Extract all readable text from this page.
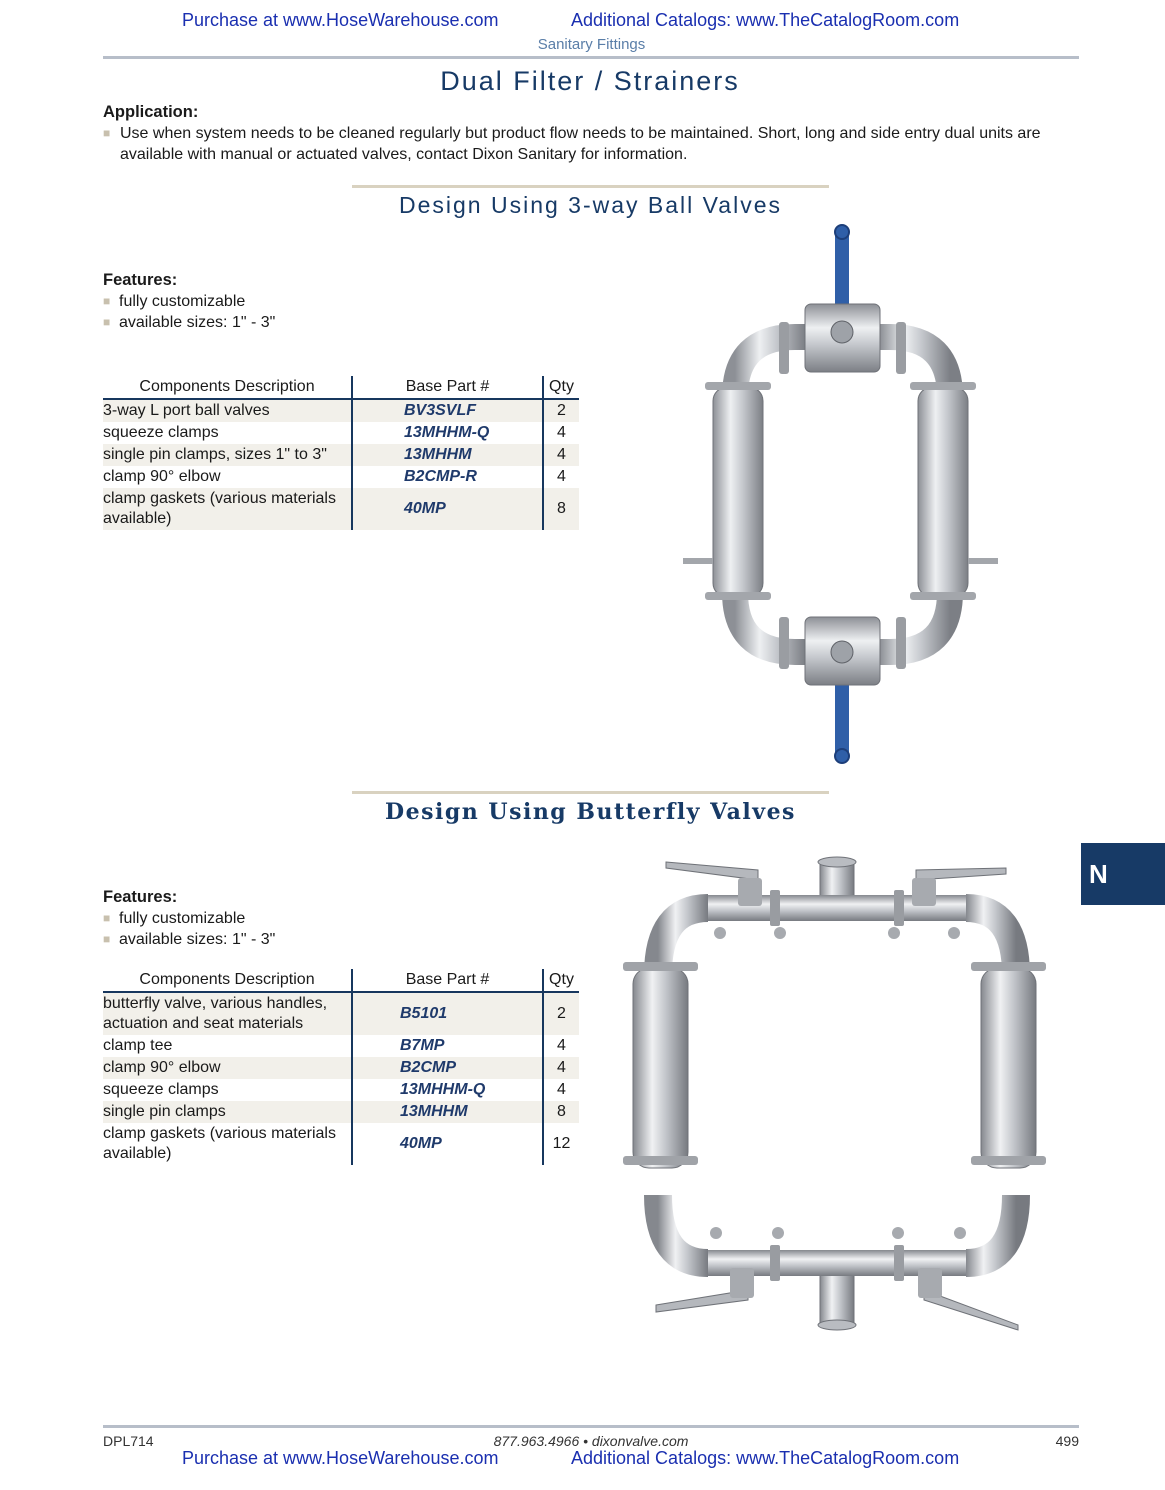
Purchase at www.HoseWarehouse.com	Additional Catalogs: www.TheCatalogRoom.com
Sanitary Fittings
Dual Filter / Strainers
Application:
■ Use when system needs to be cleaned regularly but product flow needs to be maintained. Short, long and side entry dual units are available with manual or actuated valves, contact Dixon Sanitary for information.
Design Using 3-way Ball Valves
Features:
■ fully customizable
■ available sizes: 1" - 3"
Components Description	Base Part #	Qty
3-way L port ball valves	BV3SVLF	2
squeeze clamps	13MHHM-Q	4
single pin clamps, sizes 1" to 3"	13MHHM	4
clamp 90° elbow	B2CMP-R	4
clamp gaskets (various materials available)	40MP	8
Design Using Butterfly Valves
Features:
■ fully customizable
■ available sizes: 1" - 3"
Components Description	Base Part #	Qty
butterfly valve, various handles, actuation and seat materials	B5101	2
clamp tee	B7MP	4
clamp 90° elbow	B2CMP	4
squeeze clamps	13MHHM-Q	4
single pin clamps	13MHHM	8
clamp gaskets (various materials available)	40MP	12
N
DPL714	877.963.4966 • dixonvalve.com	499
Purchase at www.HoseWarehouse.com	Additional Catalogs: www.TheCatalogRoom.com
